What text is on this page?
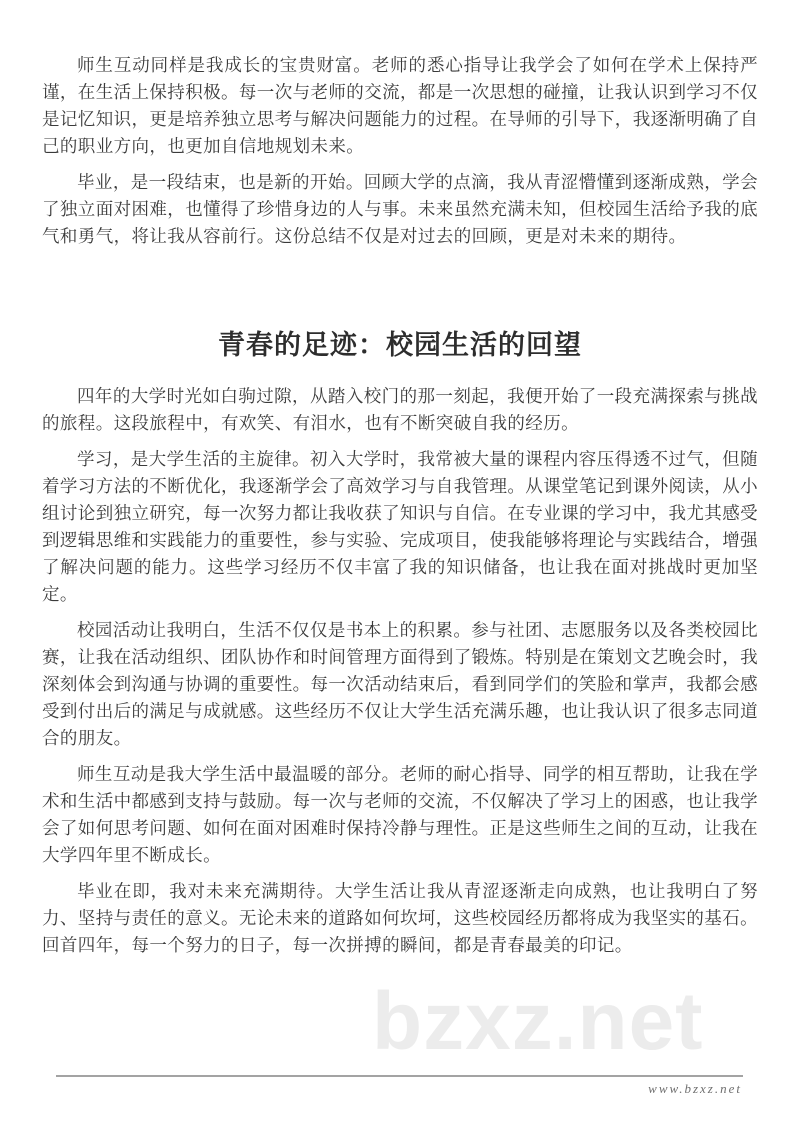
师生互动同样是我成长的宝贵财富。老师的悉心指导让我学会了如何在学术上保持严谨，在生活上保持积极。每一次与老师的交流，都是一次思想的碰撞，让我认识到学习不仅是记忆知识，更是培养独立思考与解决问题能力的过程。在导师的引导下，我逐渐明确了自己的职业方向，也更加自信地规划未来。

毕业，是一段结束，也是新的开始。回顾大学的点滴，我从青涩懵懂到逐渐成熟，学会了独立面对困难，也懂得了珍惜身边的人与事。未来虽然充满未知，但校园生活给予我的底气和勇气，将让我从容前行。这份总结不仅是对过去的回顾，更是对未来的期待。

青春的足迹：校园生活的回望

四年的大学时光如白驹过隙，从踏入校门的那一刻起，我便开始了一段充满探索与挑战的旅程。这段旅程中，有欢笑、有泪水，也有不断突破自我的经历。

学习，是大学生活的主旋律。初入大学时，我常被大量的课程内容压得透不过气，但随着学习方法的不断优化，我逐渐学会了高效学习与自我管理。从课堂笔记到课外阅读，从小组讨论到独立研究，每一次努力都让我收获了知识与自信。在专业课的学习中，我尤其感受到逻辑思维和实践能力的重要性，参与实验、完成项目，使我能够将理论与实践结合，增强了解决问题的能力。这些学习经历不仅丰富了我的知识储备，也让我在面对挑战时更加坚定。

校园活动让我明白，生活不仅仅是书本上的积累。参与社团、志愿服务以及各类校园比赛，让我在活动组织、团队协作和时间管理方面得到了锻炼。特别是在策划文艺晚会时，我深刻体会到沟通与协调的重要性。每一次活动结束后，看到同学们的笑脸和掌声，我都会感受到付出后的满足与成就感。这些经历不仅让大学生活充满乐趣，也让我认识了很多志同道合的朋友。

师生互动是我大学生活中最温暖的部分。老师的耐心指导、同学的相互帮助，让我在学术和生活中都感到支持与鼓励。每一次与老师的交流，不仅解决了学习上的困惑，也让我学会了如何思考问题、如何在面对困难时保持冷静与理性。正是这些师生之间的互动，让我在大学四年里不断成长。

毕业在即，我对未来充满期待。大学生活让我从青涩逐渐走向成熟，也让我明白了努力、坚持与责任的意义。无论未来的道路如何坎坷，这些校园经历都将成为我坚实的基石。回首四年，每一个努力的日子，每一次拼搏的瞬间，都是青春最美的印记。

bzxz.net
www.bzxz.net
